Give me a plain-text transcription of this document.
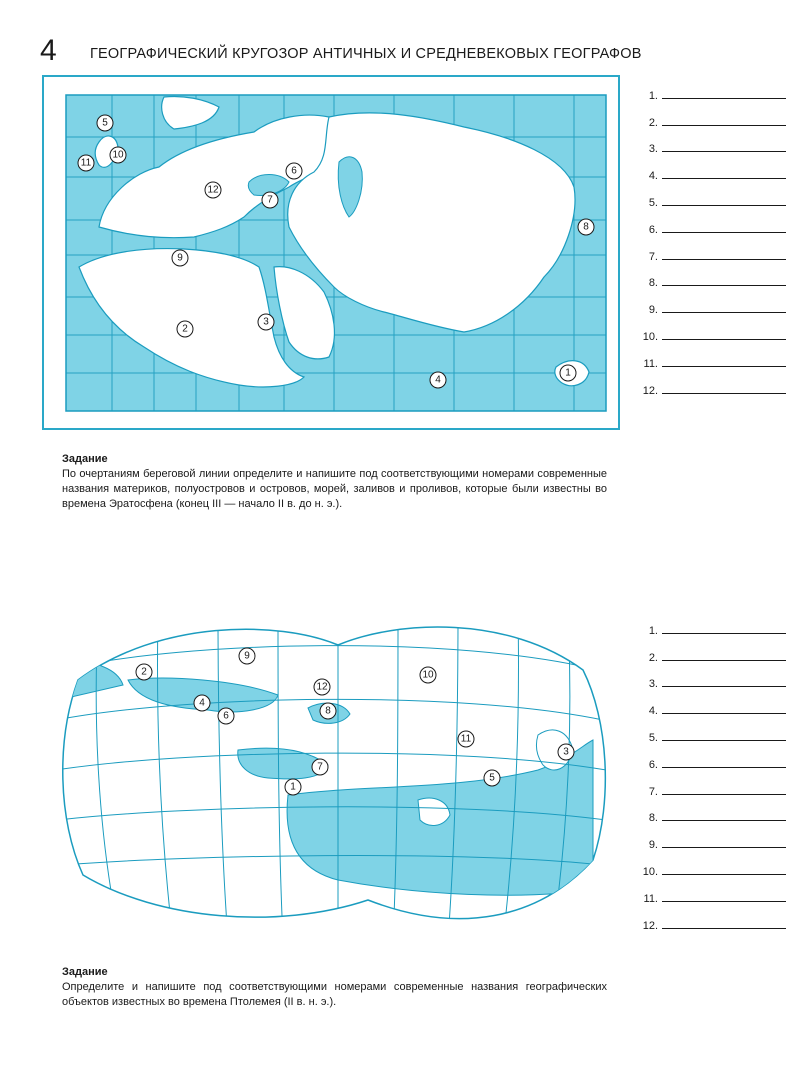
4 ГЕОГРАФИЧЕСКИЙ КРУГОЗОР АНТИЧНЫХ И СРЕДНЕВЕКОВЫХ ГЕОГРАФОВ
1
2
3
4
5
6
7
8
9
10
11
12
1.
2.
3.
4.
5.
6.
7.
8.
9.
10.
11.
12.
Задание
По очертаниям береговой линии определите и напишите под соответствующими номерами современные названия материков, полуостровов и островов, морей, заливов и проливов, которые были известны во времена Эратосфена (конец III — начало II в. до н. э.).
1
2
3
4
5
6
7
8
9
10
11
12
1.
2.
3.
4.
5.
6.
7.
8.
9.
10.
11.
12.
Задание
Определите и напишите под соответствующими номерами современные названия географических объектов известных во времена Птолемея (II в. н. э.).
